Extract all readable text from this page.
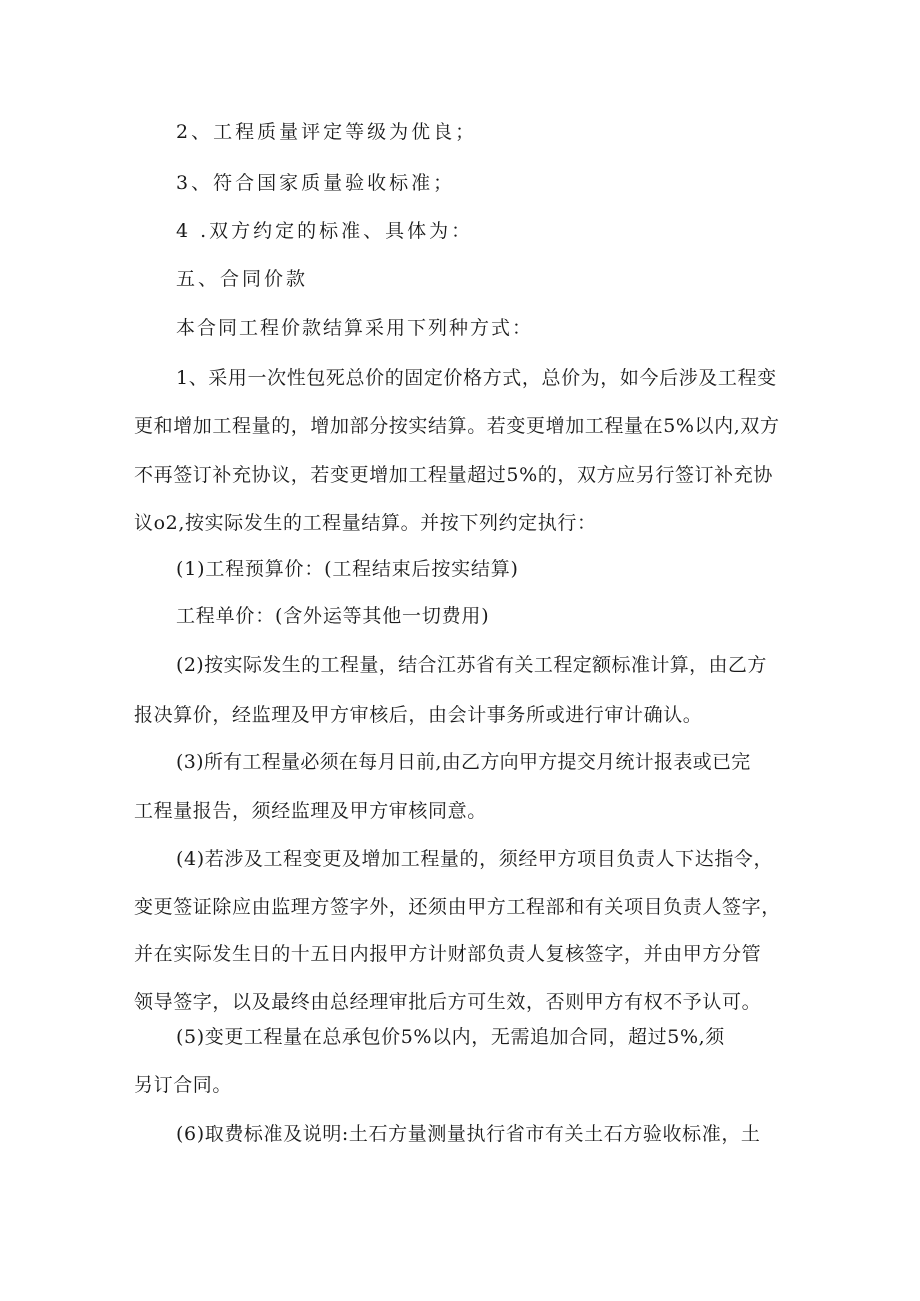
2、工程质量评定等级为优良；
3、符合国家质量验收标准；
4 .双方约定的标准、具体为：
五、合同价款
本合同工程价款结算采用下列种方式：
1、采用一次性包死总价的固定价格方式，总价为，如今后涉及工程变
更和增加工程量的，增加部分按实结算。若变更增加工程量在5%以内,双方
不再签订补充协议，若变更增加工程量超过5%的，双方应另行签订补充协
议o2,按实际发生的工程量结算。并按下列约定执行：
(1)工程预算价：(工程结束后按实结算)
工程单价：(含外运等其他一切费用)
(2)按实际发生的工程量，结合江苏省有关工程定额标准计算，由乙方
报决算价，经监理及甲方审核后，由会计事务所或进行审计确认。
(3)所有工程量必须在每月日前,由乙方向甲方提交月统计报表或已完
工程量报告，须经监理及甲方审核同意。
(4)若涉及工程变更及增加工程量的，须经甲方项目负责人下达指令，
变更签证除应由监理方签字外，还须由甲方工程部和有关项目负责人签字，
并在实际发生日的十五日内报甲方计财部负责人复核签字，并由甲方分管
领导签字，以及最终由总经理审批后方可生效，否则甲方有权不予认可。
(5)变更工程量在总承包价5%以内，无需追加合同，超过5%,须
另订合同。
(6)取费标准及说明:土石方量测量执行省市有关土石方验收标准，土
